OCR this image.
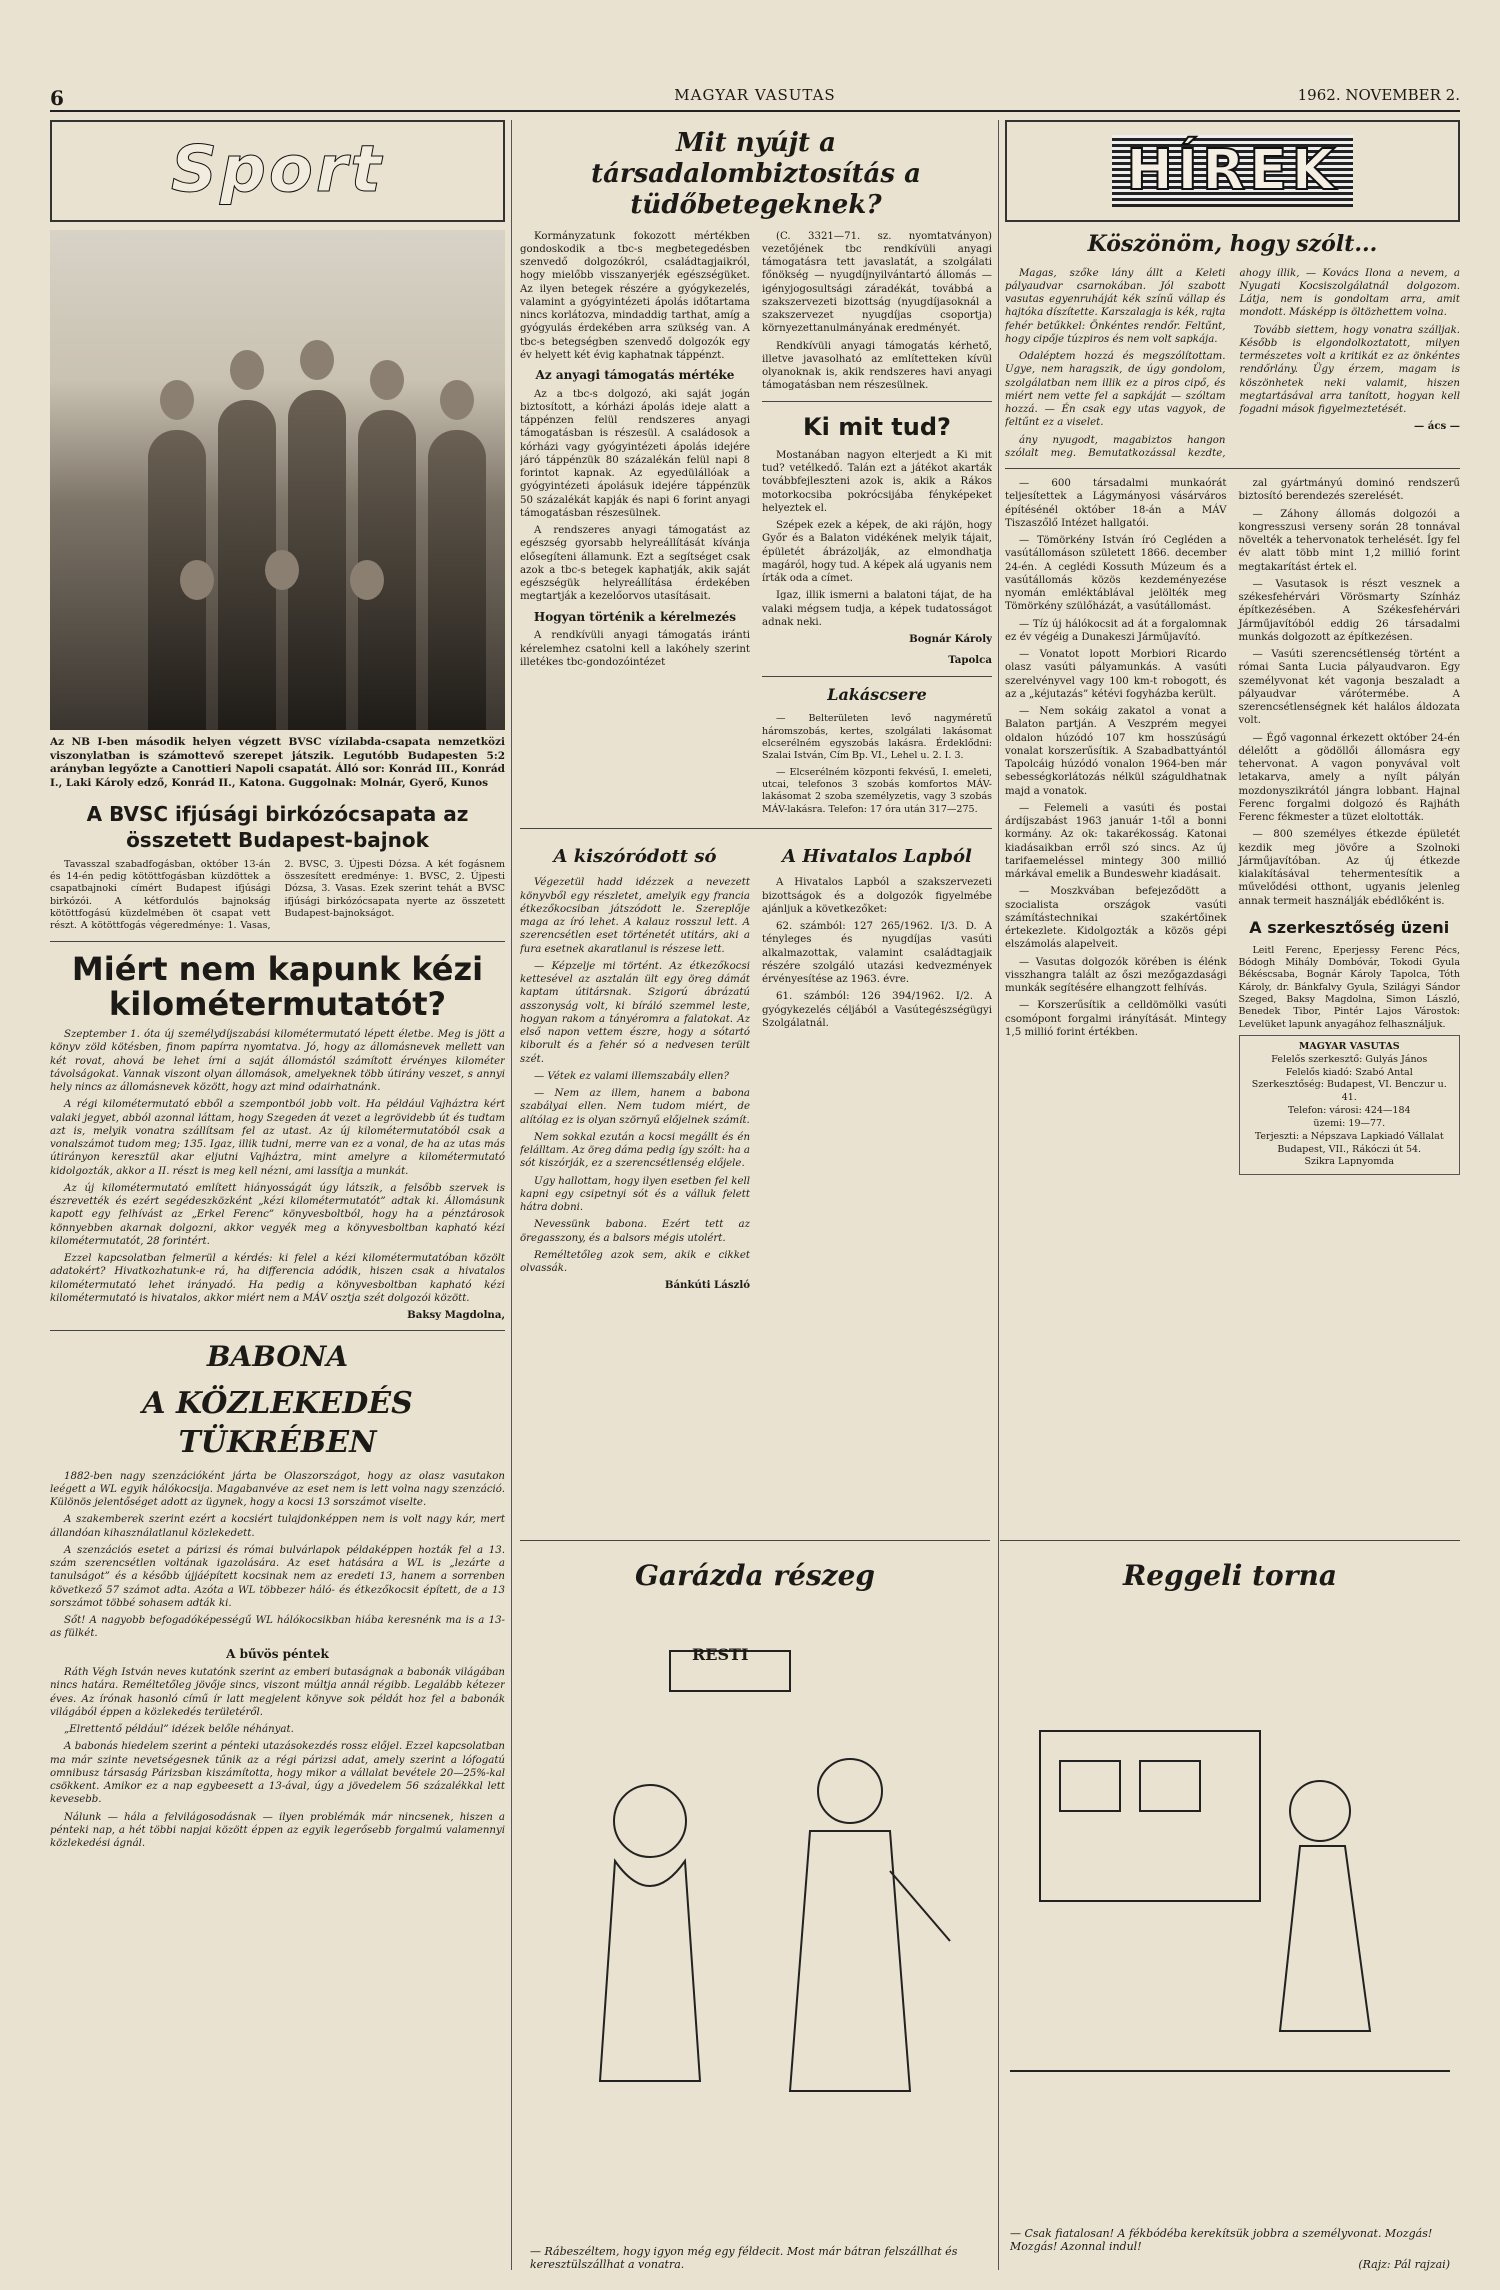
6	MAGYAR VASUTAS	1962. NOVEMBER 2.
Sport
Az NB I-ben második helyen végzett BVSC vízilabda-csapata nemzetközi viszonylatban is számottevő szerepet játszik. Legutóbb Budapesten 5:2 arányban legyőzte a Canottieri Napoli csapatát. Álló sor: Konrád III., Konrád I., Laki Károly edző, Konrád II., Katona. Guggolnak: Molnár, Gyerő, Kunos
A BVSC ifjúsági birkózócsapata az összetett Budapest-bajnok

Tavasszal szabadfogásban, október 13-án és 14-én pedig kötöttfogásban küzdöttek a csapatbajnoki címért Budapest ifjúsági birkózói. A kétfordulós bajnokság kötöttfogású küzdelmében öt csapat vett részt. A kötöttfogás végeredménye: 1. Vasas, 2. BVSC, 3. Újpesti Dózsa. A két fogásnem összesített eredménye: 1. BVSC, 2. Újpesti Dózsa, 3. Vasas. Ezek szerint tehát a BVSC ifjúsági birkózócsapata nyerte az összetett Budapest-bajnokságot.

Miért nem kapunk kézi kilométermutatót?

Szeptember 1. óta új személydíjszabási kilométermutató lépett életbe. Meg is jött a könyv zöld kötésben, finom papírra nyomtatva. Jó, hogy az állomásnevek mellett van két rovat, ahová be lehet írni a saját állomástól számított érvényes kilométer távolságokat. Vannak viszont olyan állomások, amelyeknek több útirány veszet, s annyi hely nincs az állomásnevek között, hogy azt mind odairhatnánk.

A régi kilométermutató ebből a szempontból jobb volt. Ha például Vajháztra kért valaki jegyet, abból azonnal láttam, hogy Szegeden át vezet a legrövidebb út és tudtam azt is, melyik vonatra szállítsam fel az utast. Az új kilométermutatóból csak a vonalszámot tudom meg; 135. Igaz, illik tudni, merre van ez a vonal, de ha az utas más útirányon keresztül akar eljutni Vajháztra, mint amelyre a kilométermutató kidolgozták, akkor a II. részt is meg kell nézni, ami lassítja a munkát.

Az új kilométermutató említett hiányosságát úgy látszik, a felsőbb szervek is észrevették és ezért segédeszközként „kézi kilométermutatót” adtak ki. Állomásunk kapott egy felhívást az „Erkel Ferenc” könyvesboltból, hogy ha a pénztárosok könnyebben akarnak dolgozni, akkor vegyék meg a könyvesboltban kapható kézi kilométermutatót, 28 forintért.

Ezzel kapcsolatban felmerül a kérdés: ki felel a kézi kilométermutatóban közölt adatokért? Hivatkozhatunk-e rá, ha differencia adódik, hiszen csak a hivatalos kilométermutató lehet irányadó. Ha pedig a könyvesboltban kapható kézi kilométermutató is hivatalos, akkor miért nem a MÁV osztja szét dolgozói között.

Baksy Magdolna,
BABONA
A KÖZLEKEDÉS TÜKRÉBEN

1882-ben nagy szenzációként járta be Olaszországot, hogy az olasz vasutakon leégett a WL egyik hálókocsija. Magabanvéve az eset nem is lett volna nagy szenzáció. Különös jelentőséget adott az ügynek, hogy a kocsi 13 sorszámot viselte.

A szakemberek szerint ezért a kocsiért tulajdonképpen nem is volt nagy kár, mert állandóan kihasználatlanul közlekedett.

A szenzációs esetet a párizsi és római bulvárlapok példaképpen hozták fel a 13. szám szerencsétlen voltának igazolására. Az eset hatására a WL is „lezárte a tanulságot” és a később újjáépített kocsinak nem az eredeti 13, hanem a sorrenben következő 57 számot adta. Azóta a WL többezer háló- és étkezőkocsit épített, de a 13 sorszámot többé sohasem adták ki.

Sőt! A nagyobb befogadóképességű WL hálókocsikban hiába keresnénk ma is a 13-as fülkét.

A bűvös péntek

Ráth Végh István neves kutatónk szerint az emberi butaságnak a babonák világában nincs határa. Reméltetőleg jövője sincs, viszont múltja annál régibb. Legalább kétezer éves. Az írónak hasonló című ír latt megjelent könyve sok példát hoz fel a babonák világából éppen a közlekedés területéről.

„Elrettentő például” idézek belőle néhányat.

A babonás hiedelem szerint a pénteki utazásokezdés rossz előjel. Ezzel kapcsolatban ma már szinte nevetségesnek tűnik az a régi párizsi adat, amely szerint a lófogatú omnibusz társaság Párizsban kiszámította, hogy mikor a vállalat bevétele 20—25%-kal csökkent. Amikor ez a nap egybeesett a 13-ával, úgy a jövedelem 56 százalékkal lett kevesebb.

Nálunk — hála a felvilágosodásnak — ilyen problémák már nincsenek, hiszen a pénteki nap, a hét többi napjai között éppen az egyik legerősebb forgalmú valamennyi közlekedési ágnál.

Mit nyújt a társadalombiztosítás a tüdőbetegeknek?

Kormányzatunk fokozott mértékben gondoskodik a tbc-s megbetegedésben szenvedő dolgozókról, családtagjaikról, hogy mielőbb visszanyerjék egészségüket. Az ilyen betegek részére a gyógykezelés, valamint a gyógyintézeti ápolás időtartama nincs korlátozva, mindaddig tarthat, amíg a gyógyulás érdekében arra szükség van. A tbc-s betegségben szenvedő dolgozók egy év helyett két évig kaphatnak táppénzt.

Az anyagi támogatás mértéke

Az a tbc-s dolgozó, aki saját jogán biztosított, a kórházi ápolás ideje alatt a táppénzen felül rendszeres anyagi támogatásban is részesül. A családosok a kórházi vagy gyógyintézeti ápolás idejére járó táppénzük 80 százalékán felül napi 8 forintot kapnak. Az egyedülállóak a gyógyintézeti ápolásuk idejére táppénzük 50 százalékát kapják és napi 6 forint anyagi támogatásban részesülnek.

A rendszeres anyagi támogatást az egészség gyorsabb helyreállítását kívánja elősegíteni államunk. Ezt a segítséget csak azok a tbc-s betegek kaphatják, akik saját egészségük helyreállítása érdekében megtartják a kezelőorvos utasításait.

Hogyan történik a kérelmezés

A rendkívüli anyagi támogatás iránti kérelemhez csatolni kell a lakóhely szerint illetékes tbc-gondozóintézet

(C. 3321—71. sz. nyomtatványon) vezetőjének tbc rendkívüli anyagi támogatásra tett javaslatát, a szolgálati főnökség — nyugdíjnyilvántartó állomás — igényjogosultsági záradékát, továbbá a szakszervezeti bizottság (nyugdíjasoknál a szakszervezet nyugdíjas csoportja) környezettanulmányának eredményét.

Rendkívüli anyagi támogatás kérhető, illetve javasolható az említetteken kívül olyanoknak is, akik rendszeres havi anyagi támogatásban nem részesülnek.

Ki mit tud?

Mostanában nagyon elterjedt a Ki mit tud? vetélkedő. Talán ezt a játékot akarták továbbfejleszteni azok is, akik a Rákos motorkocsiba pokrócsijába fényképeket helyeztek el.

Szépek ezek a képek, de aki rájön, hogy Győr és a Balaton vidékének melyik tájait, épületét ábrázolják, az elmondhatja magáról, hogy tud. A képek alá ugyanis nem írták oda a címet.

Igaz, illik ismerni a balatoni tájat, de ha valaki mégsem tudja, a képek tudatosságot adnak neki.

Bognár Károly
Tapolca
Lakáscsere

— Belterületen levő nagyméretű háromszobás, kertes, szolgálati lakásomat elcserélném egyszobás lakásra. Érdeklődni: Szalai István, Cím Bp. VI., Lehel u. 2. I. 3.

— Elcserélném központi fekvésű, I. emeleti, utcai, telefonos 3 szobás komfortos MÁV-lakásomat 2 szoba személyzetis, vagy 3 szobás MÁV-lakásra. Telefon: 17 óra után 317—275.

A kiszóródott só

Végezetül hadd idézzek a nevezett könyvből egy részletet, amelyik egy francia étkezőkocsiban játszódott le. Szereplője maga az író lehet. A kalauz rosszul lett. A szerencsétlen eset történetét utitárs, aki a fura esetnek akaratlanul is részese lett.

— Képzelje mi történt. Az étkezőkocsi kettesével az asztalán ült egy öreg dámát kaptam útitársnak. Szigorú ábrázatú asszonyság volt, ki bíráló szemmel leste, hogyan rakom a tányéromra a falatokat. Az első napon vettem észre, hogy a sótartó kiborult és a fehér só a nedvesen terült szét.

— Vétek ez valami illemszabály ellen?

— Nem az illem, hanem a babona szabályai ellen. Nem tudom miért, de alítólag ez is olyan szörnyű előjelnek számít.

Nem sokkal ezután a kocsi megállt és én felálltam. Az öreg dáma pedig így szólt: ha a sót kiszórják, ez a szerencsétlenség előjele.

Ugy hallottam, hogy ilyen esetben fel kell kapni egy csipetnyi sót és a válluk felett hátra dobni.

Nevessünk babona. Ezért tett az öregasszony, és a balsors mégis utolért.

Reméltetőleg azok sem, akik e cikket olvassák.

Bánkúti László
A Hivatalos Lapból

A Hivatalos Lapból a szakszervezeti bizottságok és a dolgozók figyelmébe ajánljuk a következőket:

62. számból: 127 265/1962. I/3. D. A tényleges és nyugdíjas vasúti alkalmazottak, valamint családtagjaik részére szolgáló utazási kedvezmények érvényesítése az 1963. évre.

61. számból: 126 394/1962. I/2. A gyógykezelés céljából a Vasútegészségügyi Szolgálatnál.

HÍREK
Köszönöm, hogy szólt...

Magas, szőke lány állt a Keleti pályaudvar csarnokában. Jól szabott vasutas egyenruháját kék színű vállap és hajtóka díszítette. Karszalagja is kék, rajta fehér betűkkel: Önkéntes rendőr. Feltűnt, hogy cipője túzpiros és nem volt sapkája.

Odaléptem hozzá és megszólítottam. Ugye, nem haragszik, de úgy gondolom, szolgálatban nem illik ez a piros cipő, és miért nem vette fel a sapkáját — szóltam hozzá. — Én csak egy utas vagyok, de feltűnt ez a viselet.

ány nyugodt, magabiztos hangon szólalt meg. Bemutatkozással kezdte, ahogy illik, — Kovács Ilona a nevem, a Nyugati Kocsiszolgálatnál dolgozom. Látja, nem is gondoltam arra, amit mondott. Másképp is öltözhettem volna.

Tovább siettem, hogy vonatra szálljak. Később is elgondolkoztatott, milyen természetes volt a kritikát ez az önkéntes rendőrlány. Ügy érzem, magam is köszönhetek neki valamit, hiszen megtartásával arra tanított, hogyan kell fogadni mások figyelmeztetését.

— ács —

— 600 társadalmi munkaórát teljesítettek a Lágymányosi vásárváros építésénél október 18-án a MÁV Tiszaszőlő Intézet hallgatói.

— Tömörkény István író Cegléden a vasútállomáson született 1866. december 24-én. A ceglédi Kossuth Múzeum és a vasútállomás közös kezdeményezése nyomán emléktáblával jelölték meg Tömörkény szülőházát, a vasútállomást.

— Tíz új hálókocsit ad át a forgalomnak ez év végéig a Dunakeszi Járműjavító.

— Vonatot lopott Morbiori Ricardo olasz vasúti pályamunkás. A vasúti szerelvényvel vagy 100 km-t robogott, és az a „kéjutazás” kétévi fogyházba került.

— Nem sokáig zakatol a vonat a Balaton partján. A Veszprém megyei oldalon húzódó 107 km hosszúságú vonalat korszerűsítik. A Szabadbattyántól Tapolcáig húzódó vonalon 1964-ben már sebességkorlátozás nélkül száguldhatnak majd a vonatok.

— Felemeli a vasúti és postai árdíjszabást 1963 január 1-től a bonni kormány. Az ok: takarékosság. Katonai kiadásaikban erről szó sincs. Az új tarifaemeléssel mintegy 300 millió márkával emelik a Bundeswehr kiadásait.

— Moszkvában befejeződött a szocialista országok vasúti számítástechnikai szakértőinek értekezlete. Kidolgozták a közös gépi elszámolás alapelveit.

— Vasutas dolgozók körében is élénk visszhangra talált az őszi mezőgazdasági munkák segítésére elhangzott felhívás.

— Korszerűsítik a celldömölki vasúti csomópont forgalmi irányítását. Mintegy 1,5 millió forint értékben.

zal gyártmányú dominó rendszerű biztosító berendezés szerelését.

— Záhony állomás dolgozói a kongresszusi verseny során 28 tonnával növelték a tehervonatok terhelését. Így fel év alatt több mint 1,2 millió forint megtakarítást értek el.

— Vasutasok is részt vesznek a székesfehérvári Vörösmarty Színház építkezésében. A Székesfehérvári Járműjavítóból eddig 26 társadalmi munkás dolgozott az építkezésen.

— Vasúti szerencsétlenség történt a római Santa Lucia pályaudvaron. Egy személyvonat két vagonja beszaladt a pályaudvar várótermébe. A szerencsétlenségnek két halálos áldozata volt.

— Égő vagonnal érkezett október 24-én délelőtt a gödöllői állomásra egy tehervonat. A vagon ponyvával volt letakarva, amely a nyílt pályán mozdonyszikrától jángra lobbant. Hajnal Ferenc forgalmi dolgozó és Rajháth Ferenc fékmester a tüzet eloltották.

— 800 személyes étkezde épületét kezdik meg jövőre a Szolnoki Járműjavítóban. Az új étkezde kialakításával tehermentesítik a művelődési otthont, ugyanis jelenleg annak termeit használják ebédlőként is.

A szerkesztőség üzeni

Leitl Ferenc, Eperjessy Ferenc Pécs, Bódogh Mihály Dombóvár, Tokodi Gyula Békéscsaba, Bognár Károly Tapolca, Tóth Károly, dr. Bánkfalvy Gyula, Szilágyi Sándor Szeged, Baksy Magdolna, Simon László, Benedek Tibor, Pintér Lajos Várostok: Levelüket lapunk anyagához felhasználjuk.

MAGYAR VASUTAS
Felelős szerkesztő: Gulyás János
Felelős kiadó: Szabó Antal
Szerkesztőség: Budapest, VI. Benczur u. 41.
Telefon: városi: 424—184
üzemi: 19—77.
Terjeszti: a Népszava Lapkiadó Vállalat
Budapest, VII., Rákóczi út 54.
Szikra Lapnyomda
Garázda részeg
RESTI
— Rábeszéltem, hogy igyon még egy féldecit. Most már bátran felszállhat és keresztülszállhat a vonatra.
Reggeli torna
— Csak fiatalosan! A fékbódéba kerekítsük jobbra a személyvonat. Mozgás! Mozgás! Azonnal indul!
(Rajz: Pál rajzai)
